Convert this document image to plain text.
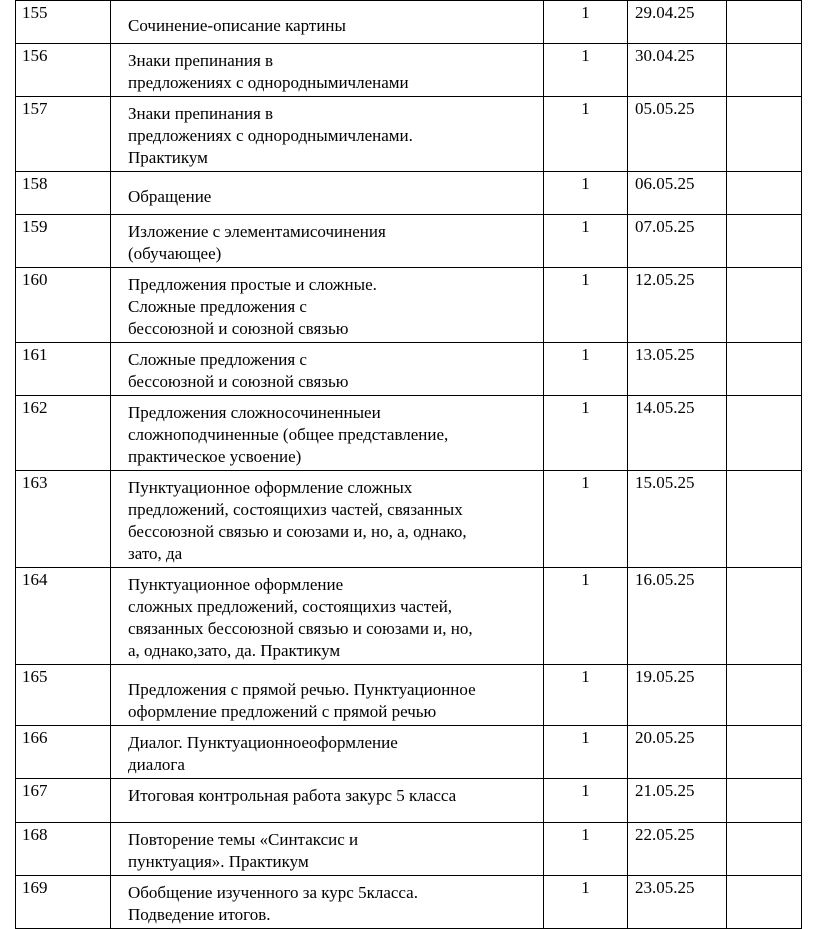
155	Сочинение-описание картины	1	29.04.25	
156	Знаки препинания в
предложениях с однороднымичленами	1	30.04.25	
157	Знаки препинания в
предложениях с однороднымичленами.
Практикум	1	05.05.25	
158	Обращение	1	06.05.25	
159	Изложение с элементамисочинения
(обучающее)	1	07.05.25	
160	Предложения простые и сложные.
Сложные предложения с
бессоюзной и союзной связью	1	12.05.25	
161	Сложные предложения с
бессоюзной и союзной связью	1	13.05.25	
162	Предложения сложносочиненныеи
сложноподчиненные (общее представление,
практическое усвоение)	1	14.05.25	
163	Пунктуационное оформление сложных
предложений, состоящихиз частей, связанных
бессоюзной связью и союзами и, но, а, однако,
зато, да	1	15.05.25	
164	Пунктуационное оформление
сложных предложений, состоящихиз частей,
связанных бессоюзной связью и союзами и, но,
а, однако,зато, да. Практикум	1	16.05.25	
165	Предложения с прямой речью. Пунктуационное
оформление предложений с прямой речью	1	19.05.25	
166	Диалог. Пунктуационноеоформление
диалога	1	20.05.25	
167	Итоговая контрольная работа закурс 5 класса	1	21.05.25	
168	Повторение темы «Синтаксис и
пунктуация». Практикум	1	22.05.25	
169	Обобщение изученного за курс 5класса.
Подведение итогов.	1	23.05.25	
